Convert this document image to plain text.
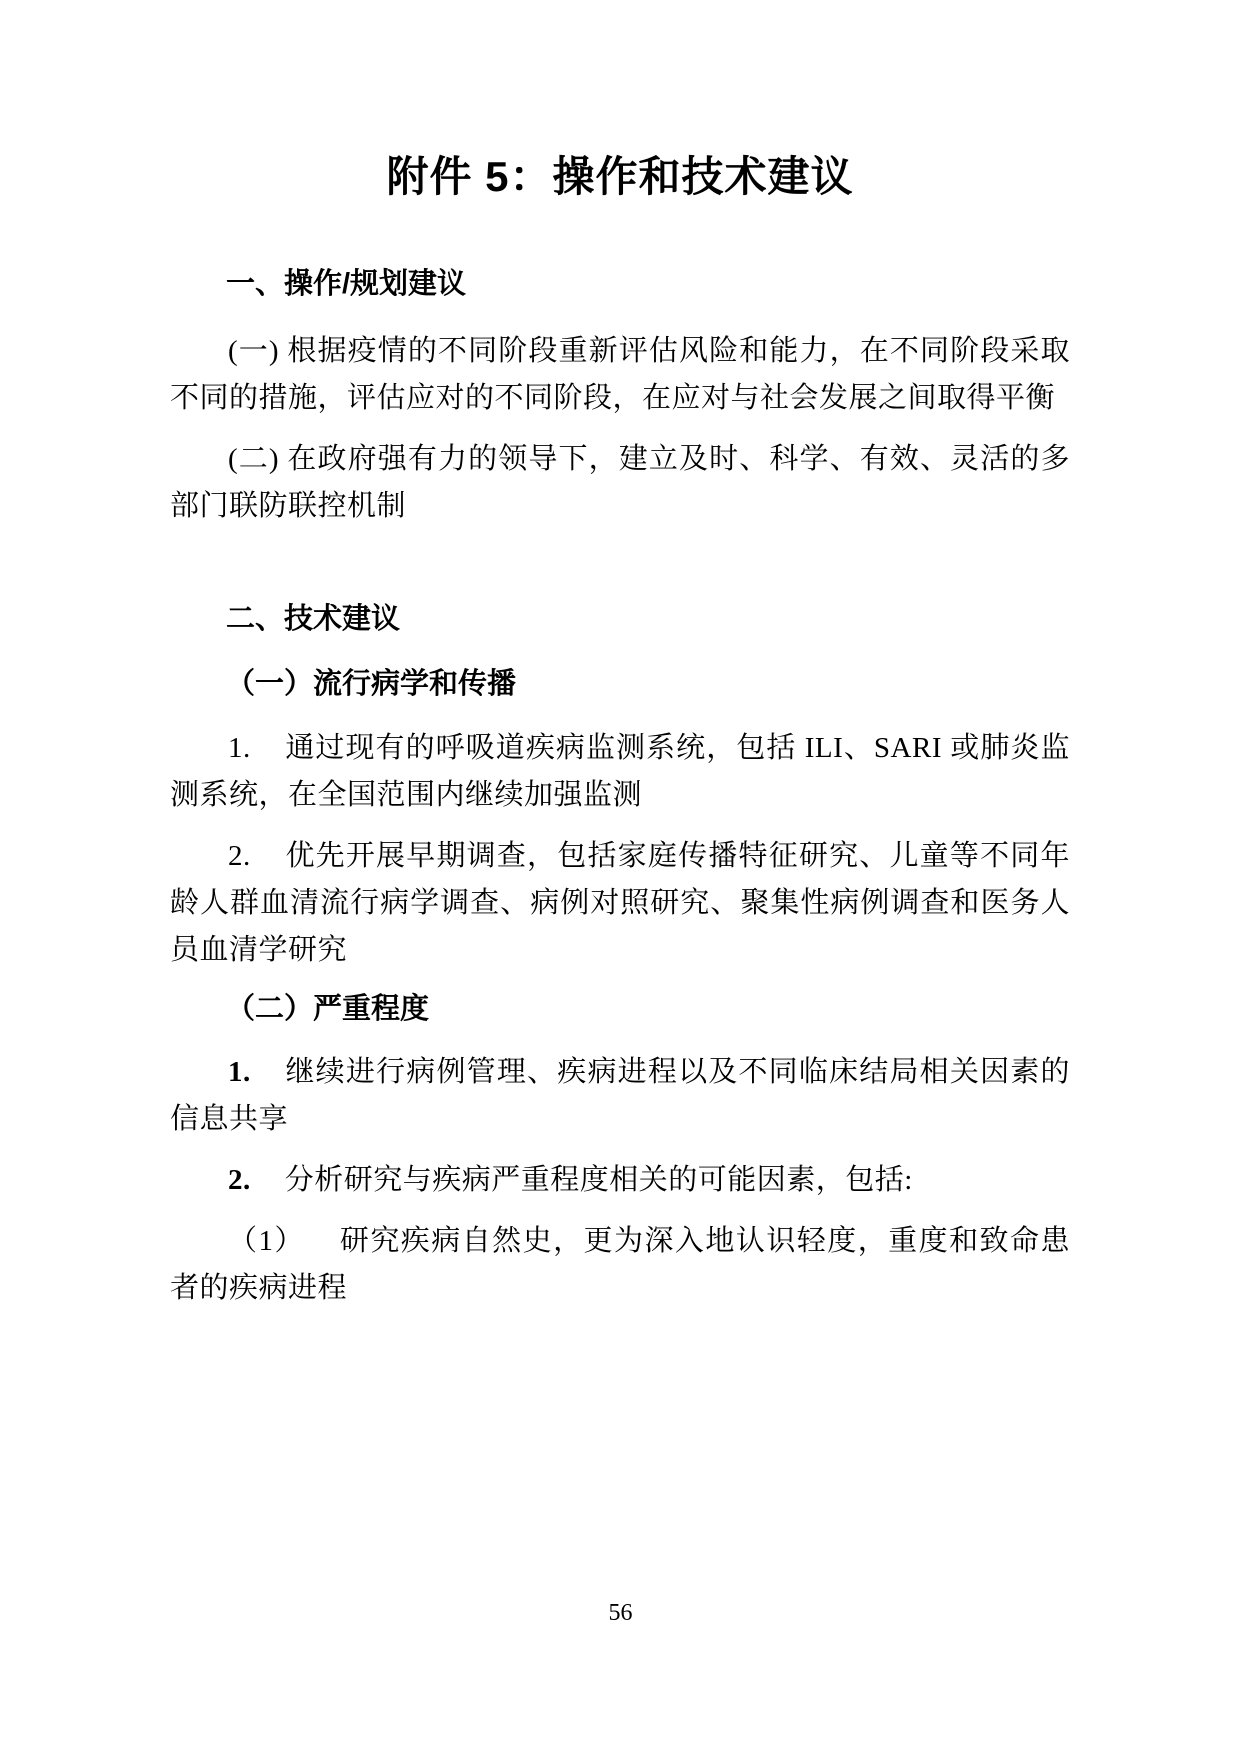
附件 5：操作和技术建议
一、操作/规划建议

(一) 根据疫情的不同阶段重新评估风险和能力，在不同阶段采取不同的措施，评估应对的不同阶段，在应对与社会发展之间取得平衡

(二) 在政府强有力的领导下，建立及时、科学、有效、灵活的多部门联防联控机制

二、技术建议
（一）流行病学和传播

1. 通过现有的呼吸道疾病监测系统，包括 ILI、SARI 或肺炎监测系统，在全国范围内继续加强监测

2. 优先开展早期调查，包括家庭传播特征研究、儿童等不同年龄人群血清流行病学调查、病例对照研究、聚集性病例调查和医务人员血清学研究

（二）严重程度

1. 继续进行病例管理、疾病进程以及不同临床结局相关因素的信息共享

2. 分析研究与疾病严重程度相关的可能因素，包括:

（1） 研究疾病自然史，更为深入地认识轻度，重度和致命患者的疾病进程

56
